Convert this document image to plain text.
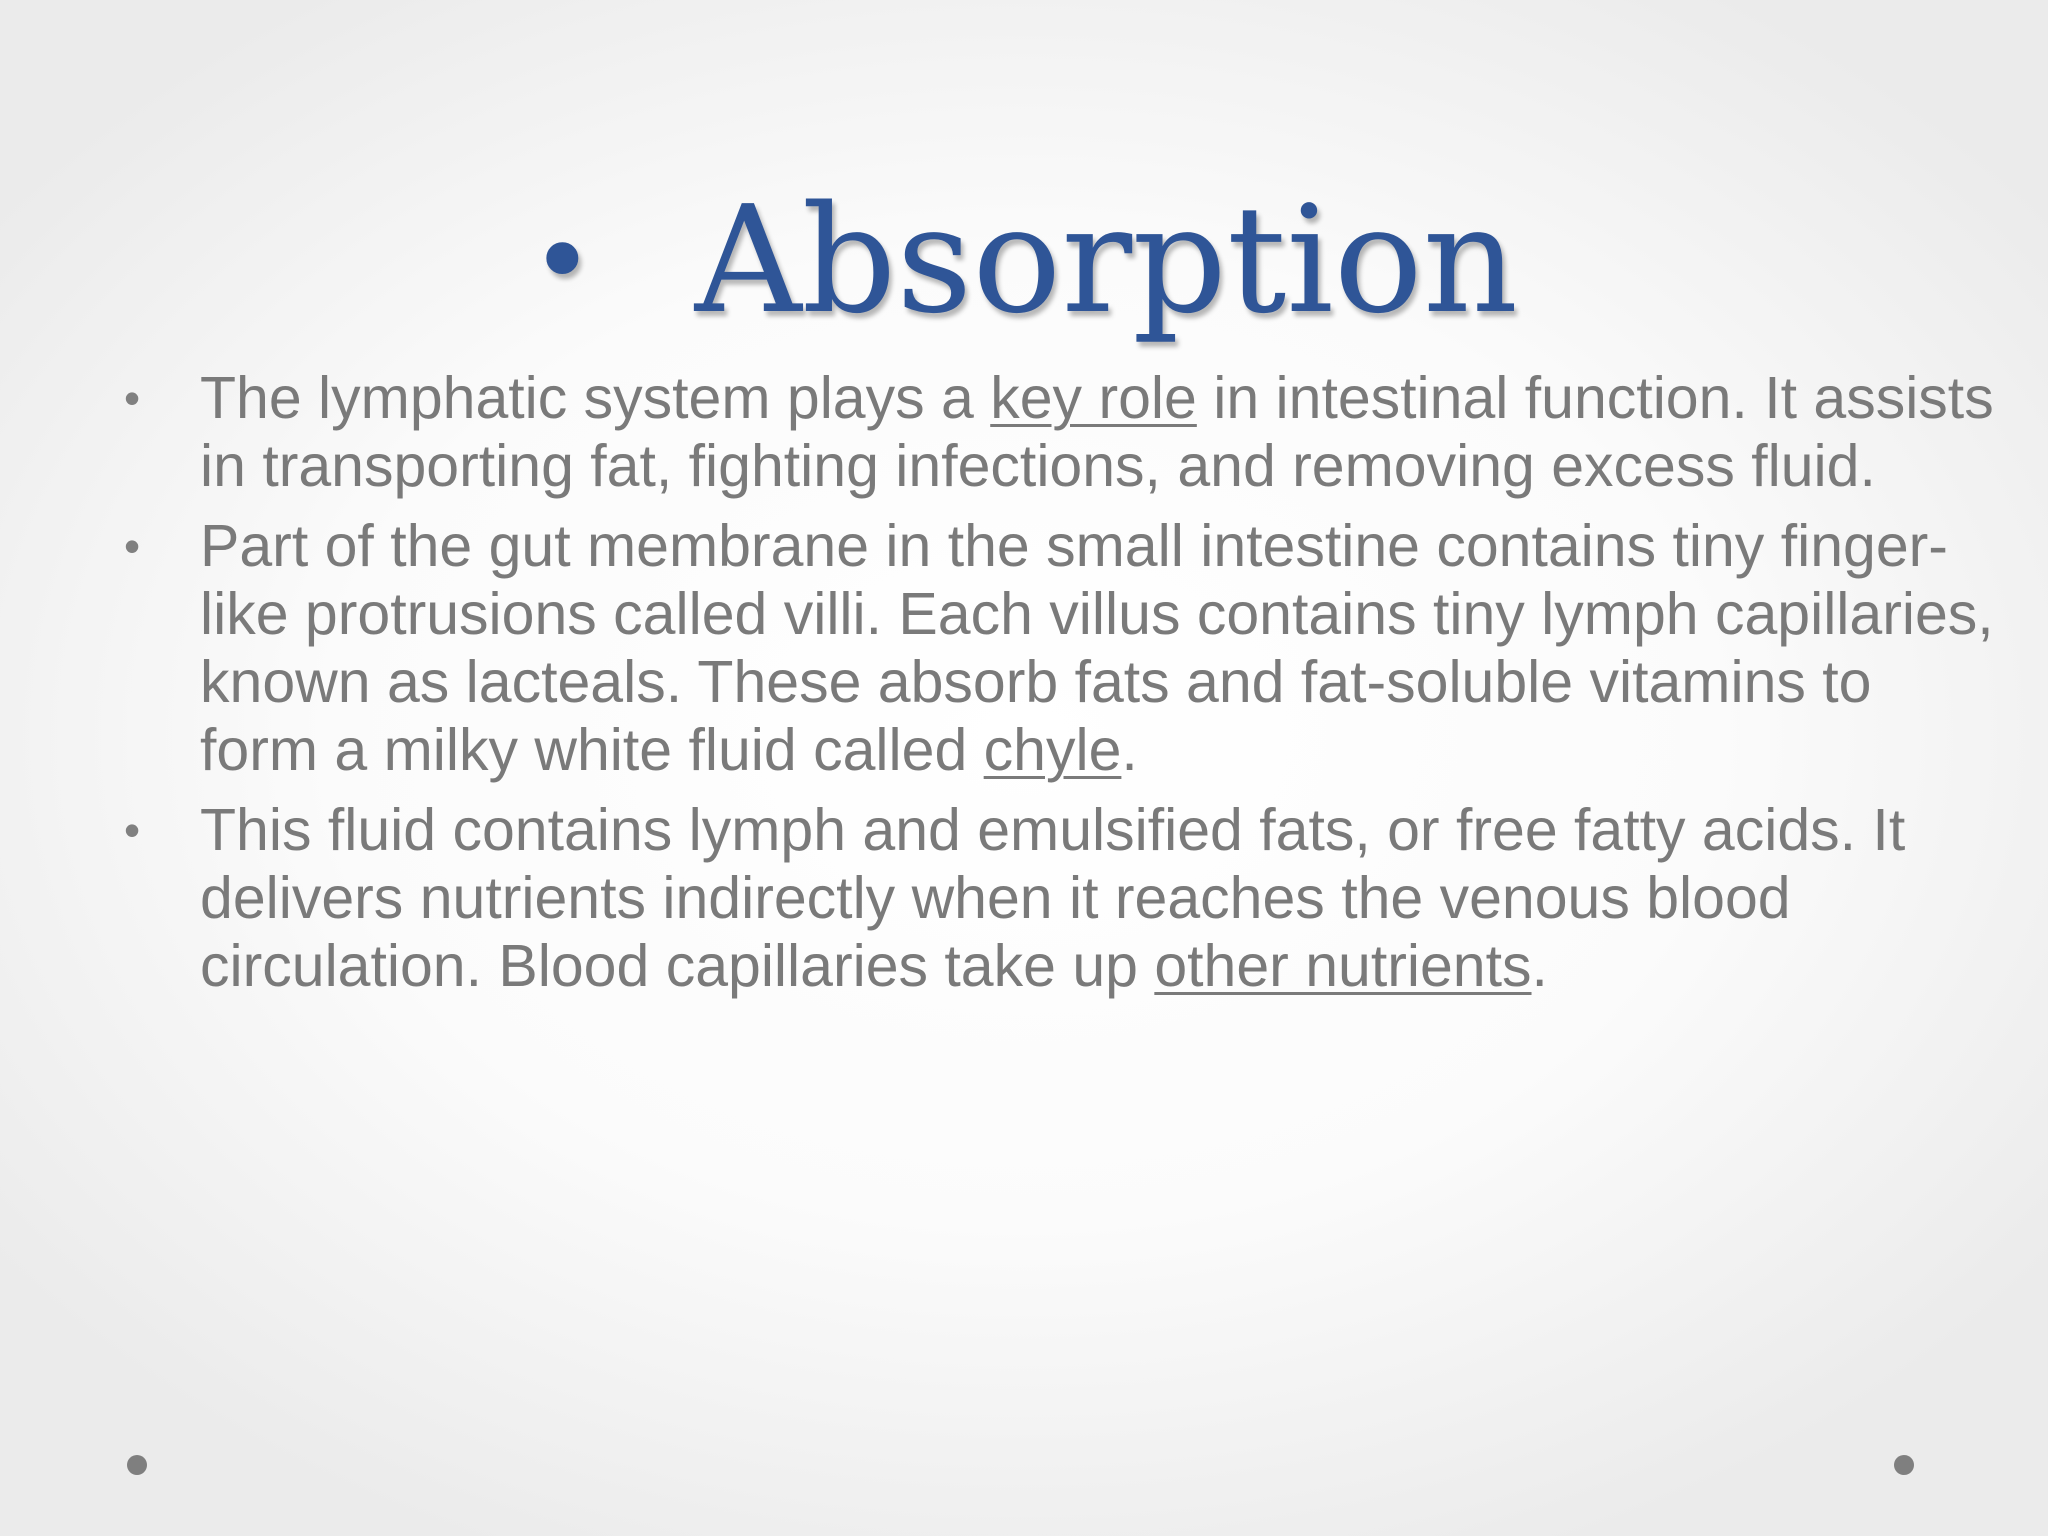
• Absorption
• The lymphatic system plays a key role in intestinal function. It assists in transporting fat, fighting infections, and removing excess fluid.
• Part of the gut membrane in the small intestine contains tiny finger-like protrusions called villi. Each villus contains tiny lymph capillaries, known as lacteals. These absorb fats and fat-soluble vitamins to form a milky white fluid called chyle.
• This fluid contains lymph and emulsified fats, or free fatty acids. It delivers nutrients indirectly when it reaches the venous blood circulation. Blood capillaries take up other nutrients.
